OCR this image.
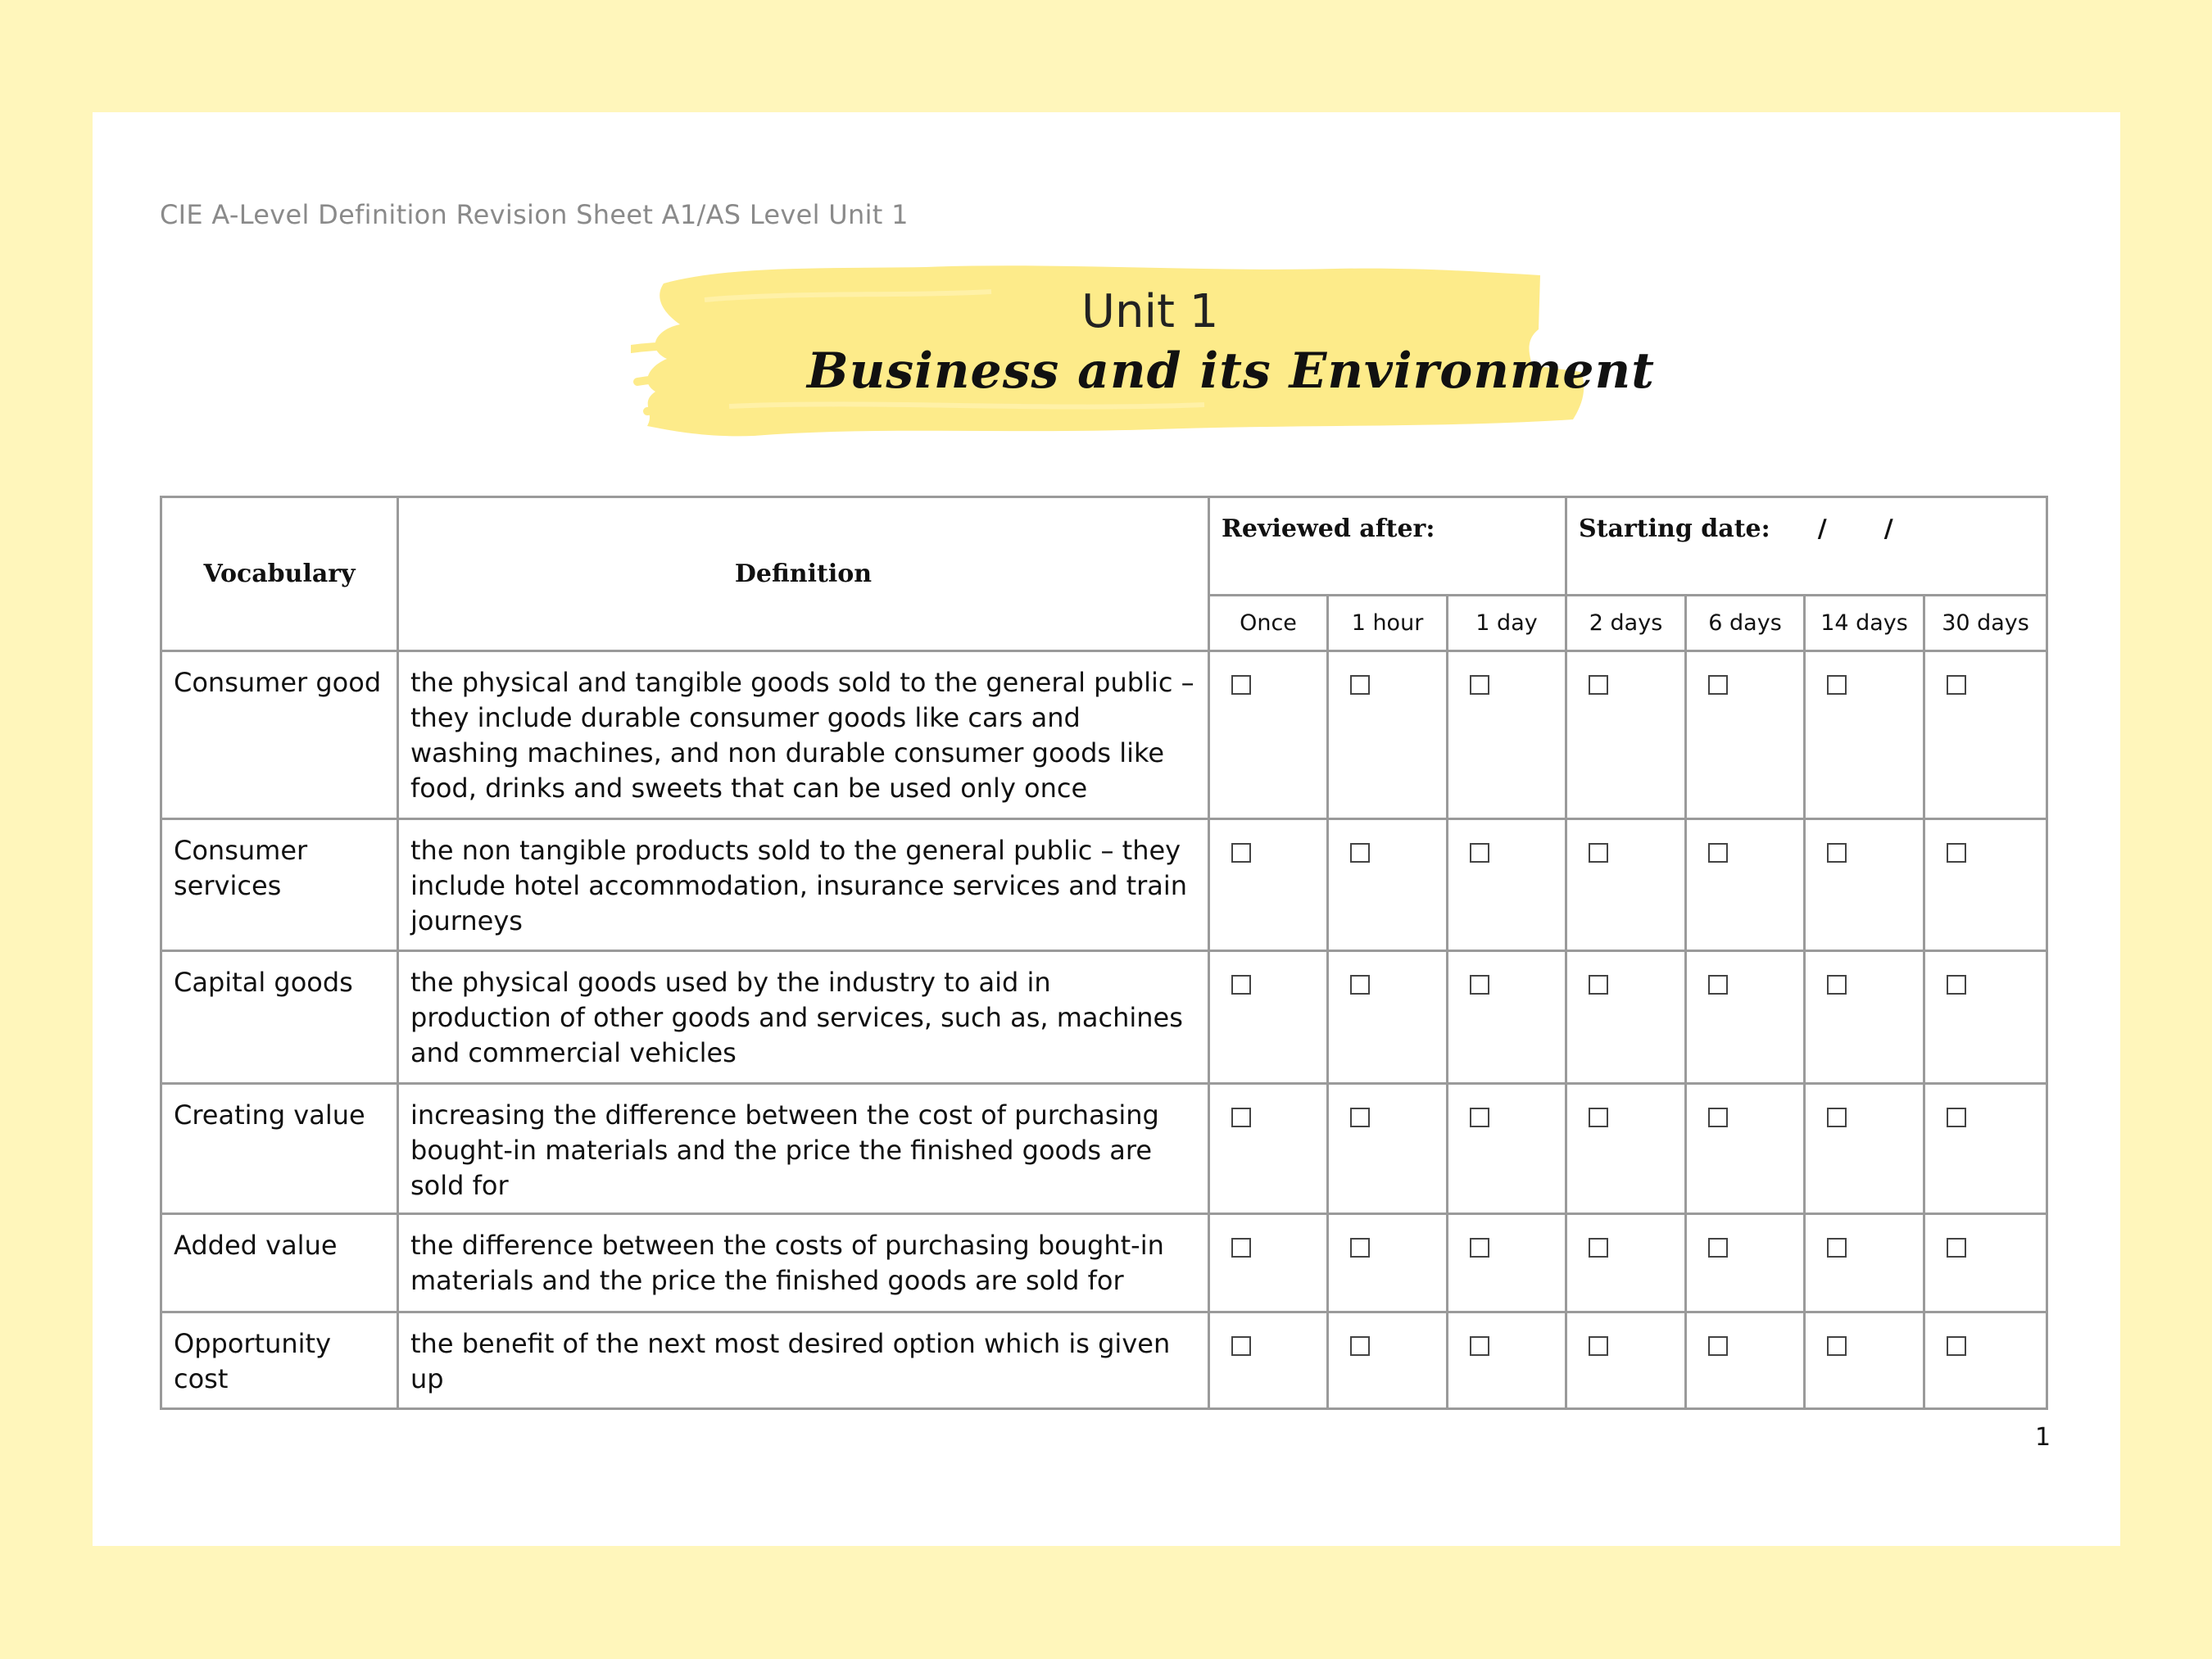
CIE A-Level Definition Revision Sheet A1/AS Level Unit 1
Unit 1
Business and its Environment
Vocabulary	Definition	Reviewed after:			Starting date: / /			
		Once	1 hour	1 day	2 days	6 days	14 days	30 days
Consumer good	the physical and tangible goods sold to the general public – they include durable consumer goods like cars and washing machines, and non durable consumer goods like food, drinks and sweets that can be used only once	

Consumer services	the non tangible products sold to the general public – they include hotel accommodation, insurance services and train journeys	

Capital goods	the physical goods used by the industry to aid in production of other goods and services, such as, machines and commercial vehicles	

Creating value	increasing the difference between the cost of purchasing bought-in materials and the price the finished goods are sold for	

Added value	the difference between the costs of purchasing bought-in materials and the price the finished goods are sold for	

Opportunity cost	the benefit of the next most desired option which is given up	

1
